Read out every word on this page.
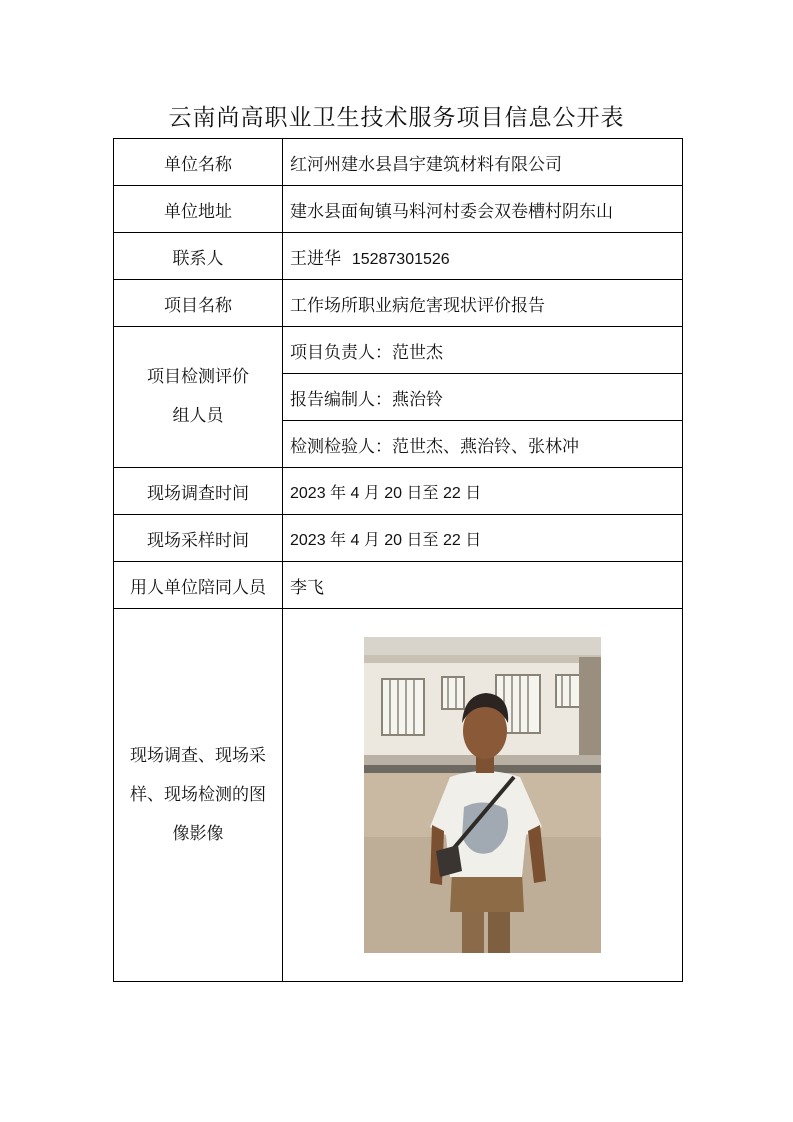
云南尚高职业卫生技术服务项目信息公开表
单位名称	红河州建水县昌宇建筑材料有限公司
单位地址	建水县面甸镇马料河村委会双卷槽村阴东山
联系人	王进华 15287301526
项目名称	工作场所职业病危害现状评价报告

项目检测评价
组人员	项目负责人：范世杰
	报告编制人：燕治铃
	检测检验人：范世杰、燕治铃、张林冲
现场调查时间	2023 年 4 月 20 日至 22 日
现场采样时间	2023 年 4 月 20 日至 22 日
用人单位陪同人员	李飞

现场调查、现场采
样、现场检测的图
像影像
